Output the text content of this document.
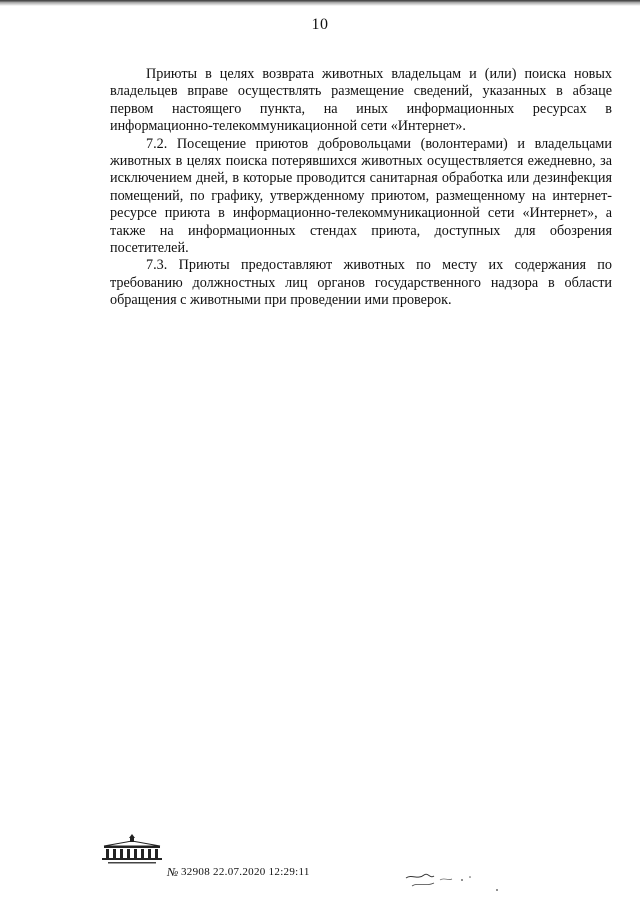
10

Приюты в целях возврата животных владельцам и (или) поиска новых владельцев вправе осуществлять размещение сведений, указанных в абзаце первом настоящего пункта, на иных информационных ресурсах в информационно-телекоммуникационной сети «Интернет».

7.2. Посещение приютов добровольцами (волонтерами) и владельцами животных в целях поиска потерявшихся животных осуществляется ежедневно, за исключением дней, в которые проводится санитарная обработка или дезинфекция помещений, по графику, утвержденному приютом, размещенному на интернет-ресурсе приюта в информационно-телекоммуникационной сети «Интернет», а также на информационных стендах приюта, доступных для обозрения посетителей.

7.3. Приюты предоставляют животных по месту их содержания по требованию должностных лиц органов государственного надзора в области обращения с животными при проведении ими проверок.

№ 32908 22.07.2020 12:29:11
